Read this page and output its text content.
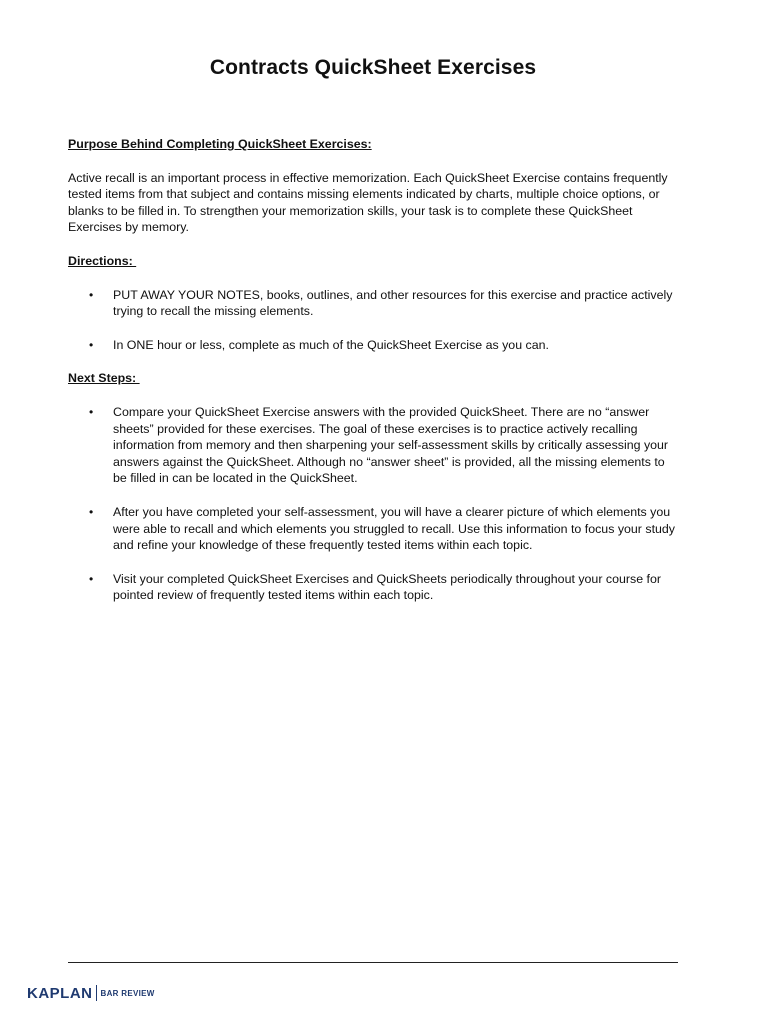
Contracts QuickSheet Exercises
Purpose Behind Completing QuickSheet Exercises:

Active recall is an important process in effective memorization. Each QuickSheet Exercise contains frequently tested items from that subject and contains missing elements indicated by charts, multiple choice options, or blanks to be filled in. To strengthen your memorization skills, your task is to complete these QuickSheet Exercises by memory.

Directions:
• PUT AWAY YOUR NOTES, books, outlines, and other resources for this exercise and practice actively trying to recall the missing elements.
• In ONE hour or less, complete as much of the QuickSheet Exercise as you can.
Next Steps:
• Compare your QuickSheet Exercise answers with the provided QuickSheet. There are no “answer sheets” provided for these exercises. The goal of these exercises is to practice actively recalling information from memory and then sharpening your self-assessment skills by critically assessing your answers against the QuickSheet. Although no “answer sheet” is provided, all the missing elements to be filled in can be located in the QuickSheet.
• After you have completed your self-assessment, you will have a clearer picture of which elements you were able to recall and which elements you struggled to recall. Use this information to focus your study and refine your knowledge of these frequently tested items within each topic.
• Visit your completed QuickSheet Exercises and QuickSheets periodically throughout your course for pointed review of frequently tested items within each topic.
KAPLAN BAR REVIEW
